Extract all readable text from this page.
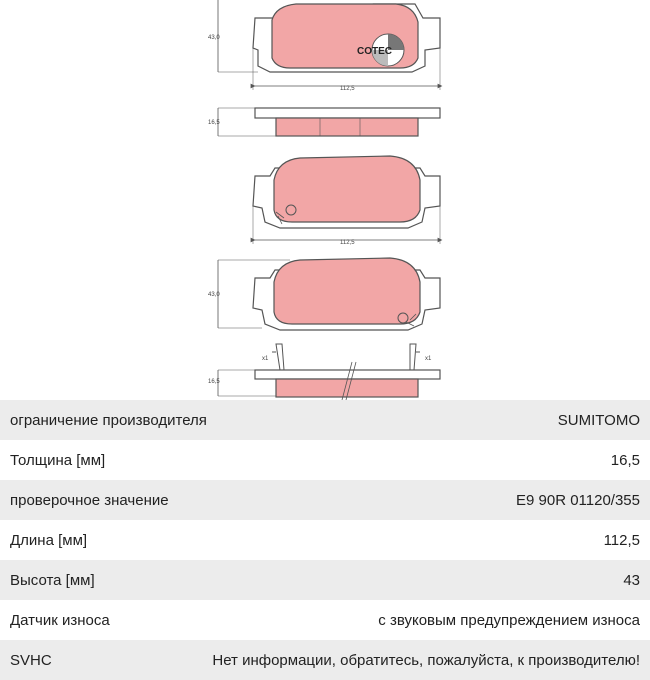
COTEC
43,0
112,5
16,5
112,5
43,0
x1	x1
16,5
ограничение производителя	SUMITOMO
Толщина [мм]	16,5
проверочное значение	E9 90R 01120/355
Длина [мм]	112,5
Высота [мм]	43
Датчик износа	с звуковым предупреждением износа
SVHC	Нет информации, обратитесь, пожалуйста, к производителю!
